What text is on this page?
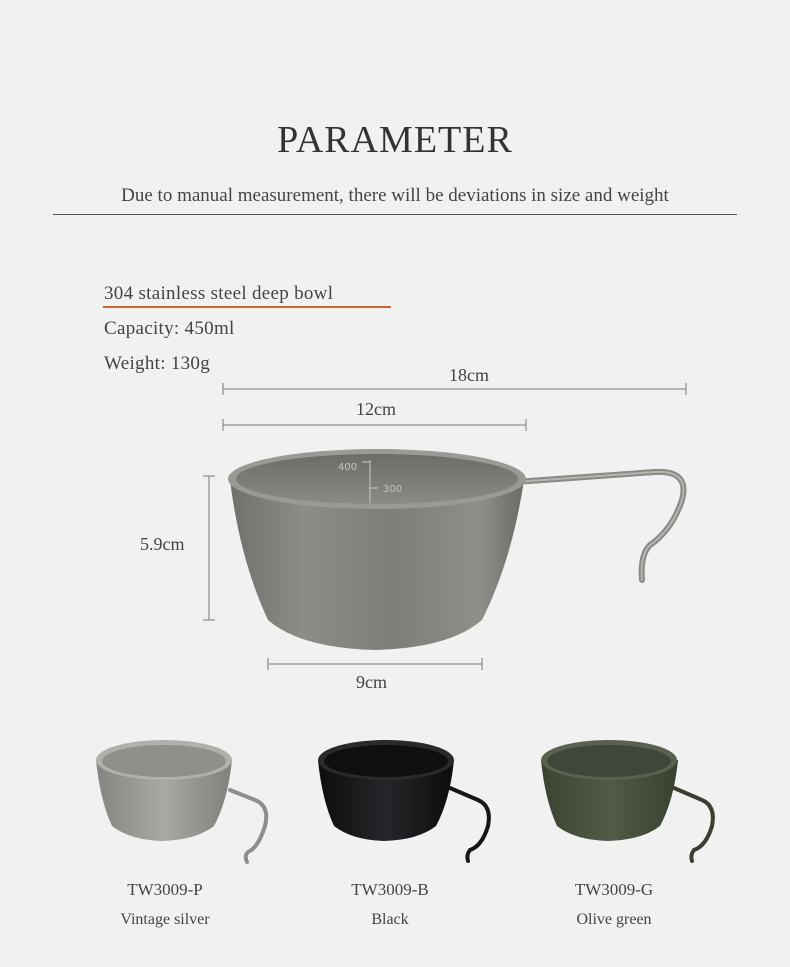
PARAMETER
Due to manual measurement, there will be deviations in size and weight
304 stainless steel deep bowl
Capacity: 450ml
Weight: 130g
400
300
18cm
12cm
5.9cm
9cm
TW3009-P
Vintage silver
TW3009-B
Black
TW3009-G
Olive green
